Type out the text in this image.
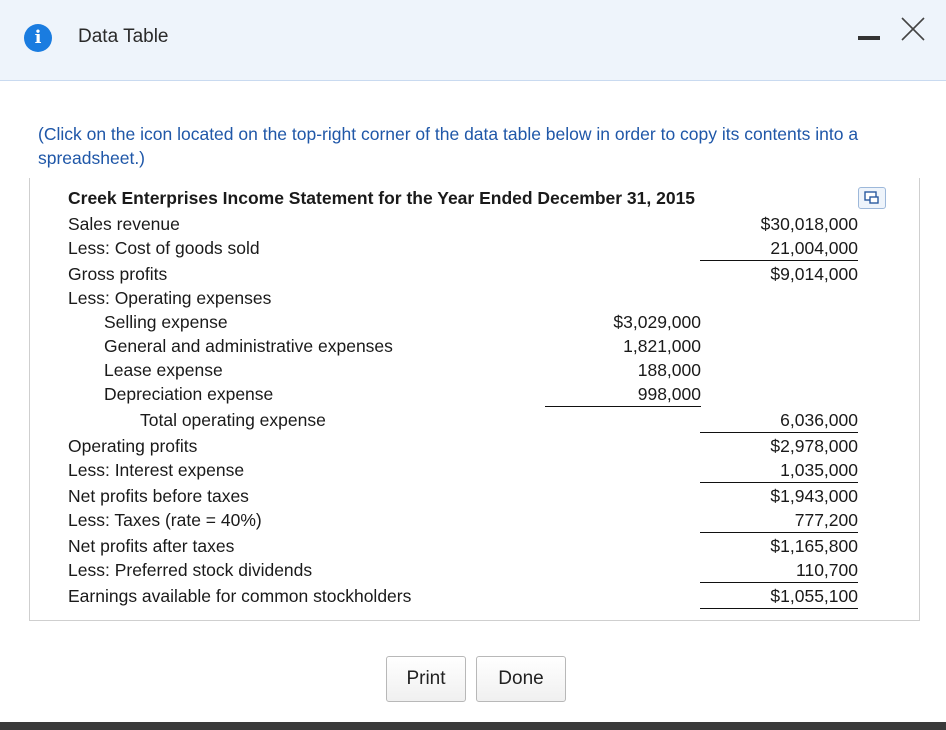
i	Data Table
(Click on the icon located on the top-right corner of the data table below in order to copy its contents into a spreadsheet.)
Creek Enterprises Income Statement for the Year Ended December 31, 2015
Sales revenue	$30,018,000
Less: Cost of goods sold	21,004,000
Gross profits	$9,014,000
Less: Operating expenses
Selling expense	$3,029,000
General and administrative expenses	1,821,000
Lease expense	188,000
Depreciation expense	998,000
Total operating expense	6,036,000
Operating profits	$2,978,000
Less: Interest expense	1,035,000
Net profits before taxes	$1,943,000
Less: Taxes (rate = 40%)	777,200
Net profits after taxes	$1,165,800
Less: Preferred stock dividends	110,700
Earnings available for common stockholders	$1,055,100
Print	Done
